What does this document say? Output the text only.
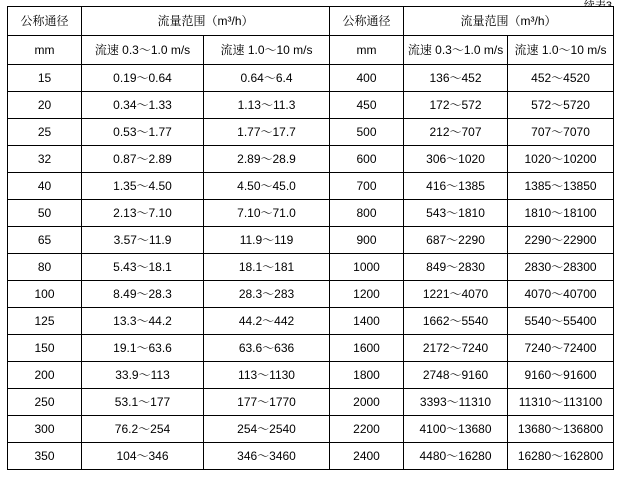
公称通径	流量范围（m³/h）		公称通径	流量范围（m³/h）	
mm	流速 0.3～1.0 m/s	流速 1.0～10 m/s	mm	流速 0.3～1.0 m/s	流速 1.0～10 m/s
15	0.19～0.64	0.64～6.4	400	136～452	452～4520
20	0.34～1.33	1.13～11.3	450	172～572	572～5720
25	0.53～1.77	1.77～17.7	500	212～707	707～7070
32	0.87～2.89	2.89～28.9	600	306～1020	1020～10200
40	1.35～4.50	4.50～45.0	700	416～1385	1385～13850
50	2.13～7.10	7.10～71.0	800	543～1810	1810～18100
65	3.57～11.9	11.9～119	900	687～2290	2290～22900
80	5.43～18.1	18.1～181	1000	849～2830	2830～28300
100	8.49～28.3	28.3～283	1200	1221～4070	4070～40700
125	13.3～44.2	44.2～442	1400	1662～5540	5540～55400
150	19.1～63.6	63.6～636	1600	2172～7240	7240～72400
200	33.9～113	113～1130	1800	2748～9160	9160～91600
250	53.1～177	177～1770	2000	3393～11310	11310～113100
300	76.2～254	254～2540	2200	4100～13680	13680～136800
350	104～346	346～3460	2400	4480～16280	16280～162800
